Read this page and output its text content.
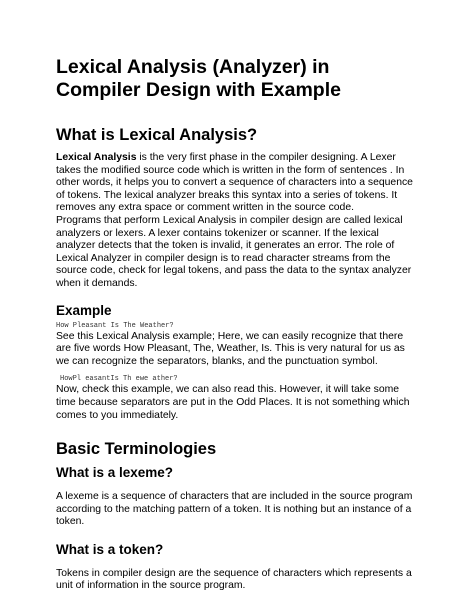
Lexical Analysis (Analyzer) in Compiler Design with Example
What is Lexical Analysis?

Lexical Analysis is the very first phase in the compiler designing. A Lexer takes the modified source code which is written in the form of sentences . In other words, it helps you to convert a sequence of characters into a sequence of tokens. The lexical analyzer breaks this syntax into a series of tokens. It removes any extra space or comment written in the source code.

Programs that perform Lexical Analysis in compiler design are called lexical analyzers or lexers. A lexer contains tokenizer or scanner. If the lexical analyzer detects that the token is invalid, it generates an error. The role of Lexical Analyzer in compiler design is to read character streams from the source code, check for legal tokens, and pass the data to the syntax analyzer when it demands.

Example
How Pleasant Is The Weather?

See this Lexical Analysis example; Here, we can easily recognize that there are five words How Pleasant, The, Weather, Is. This is very natural for us as we can recognize the separators, blanks, and the punctuation symbol.

HowPl easantIs Th ewe ather?

Now, check this example, we can also read this. However, it will take some time because separators are put in the Odd Places. It is not something which comes to you immediately.

Basic Terminologies
What is a lexeme?

A lexeme is a sequence of characters that are included in the source program according to the matching pattern of a token. It is nothing but an instance of a token.

What is a token?

Tokens in compiler design are the sequence of characters which represents a unit of information in the source program.
